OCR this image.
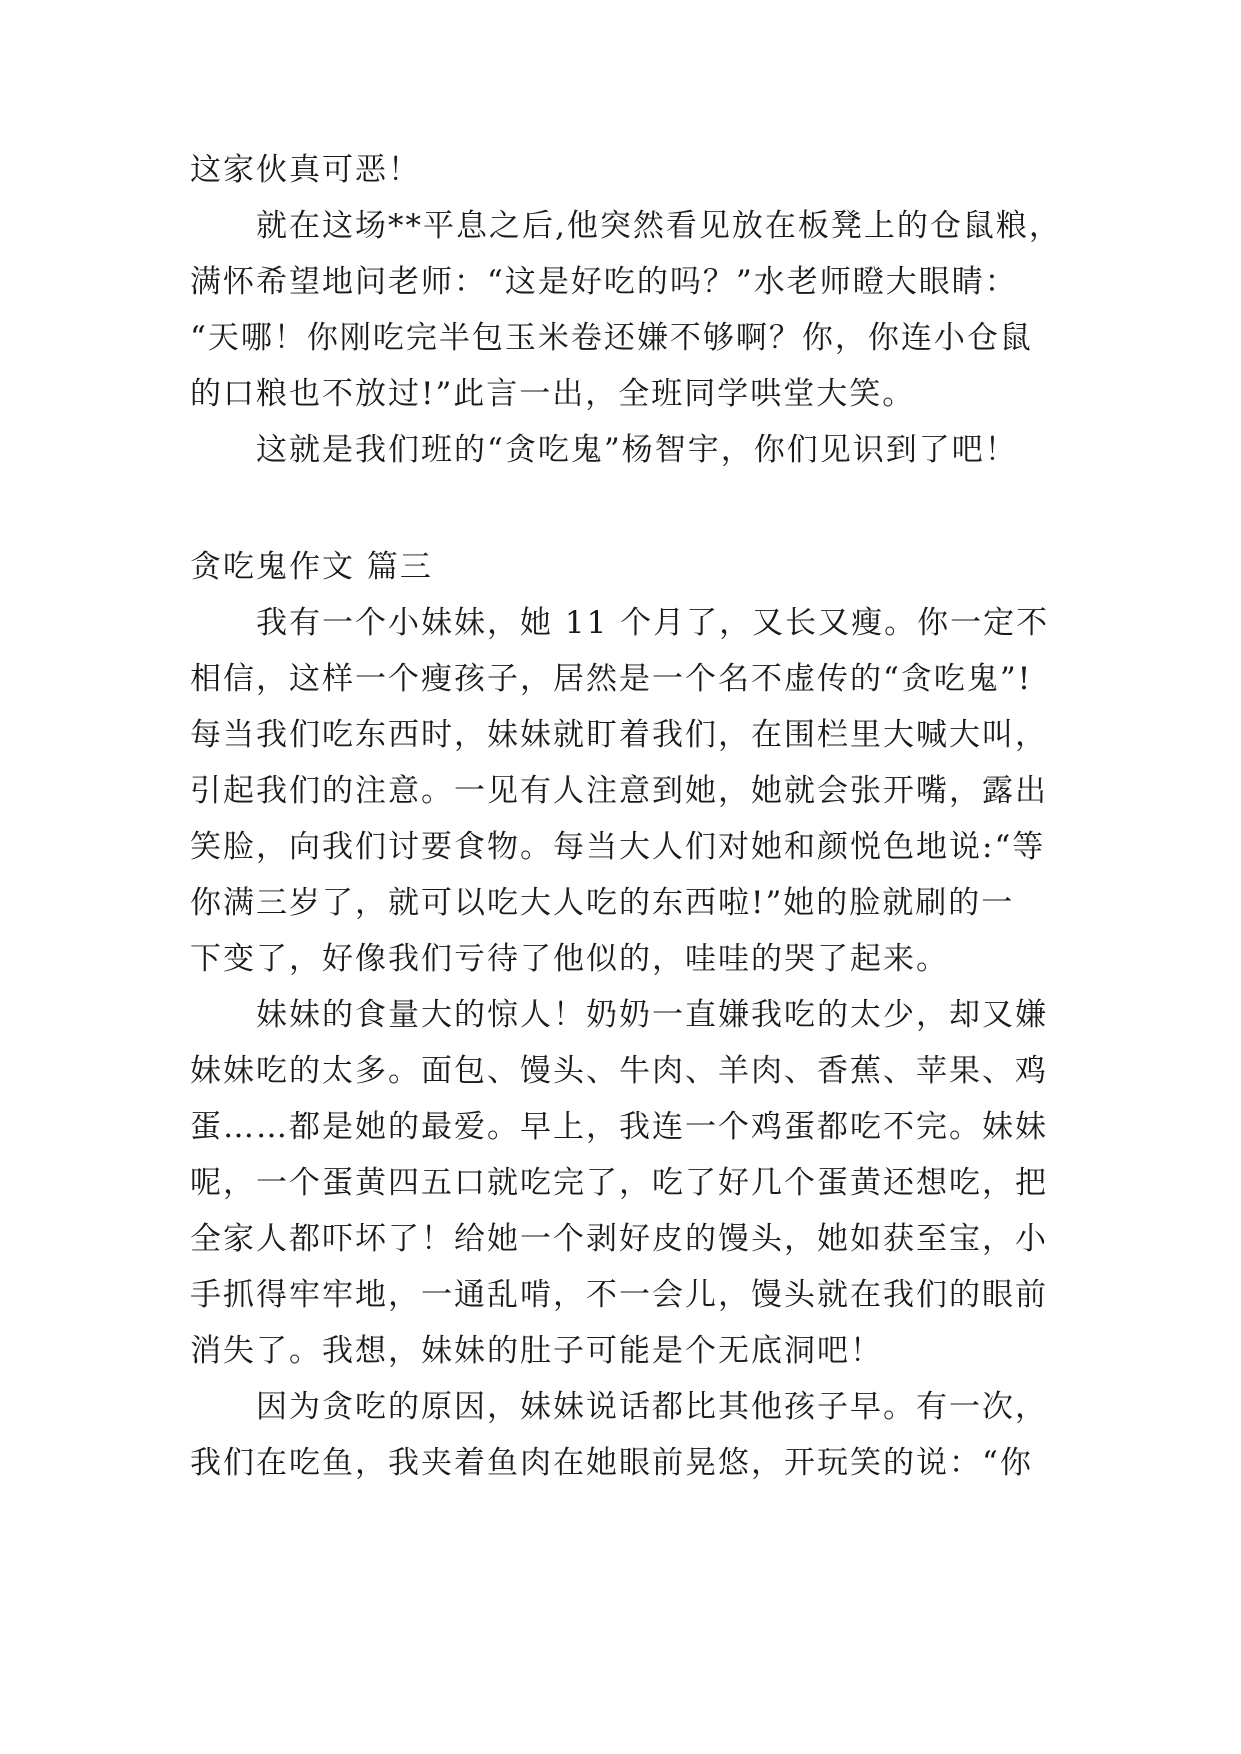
这家伙真可恶！
就在这场**平息之后,他突然看见放在板凳上的仓鼠粮，
满怀希望地问老师：“这是好吃的吗？”水老师瞪大眼睛：
“天哪！你刚吃完半包玉米卷还嫌不够啊？你，你连小仓鼠
的口粮也不放过!”此言一出，全班同学哄堂大笑。
这就是我们班的“贪吃鬼”杨智宇，你们见识到了吧！
贪吃鬼作文 篇三
我有一个小妹妹，她 11 个月了，又长又瘦。你一定不
相信，这样一个瘦孩子，居然是一个名不虚传的“贪吃鬼”!
每当我们吃东西时，妹妹就盯着我们，在围栏里大喊大叫，
引起我们的注意。一见有人注意到她，她就会张开嘴，露出
笑脸，向我们讨要食物。每当大人们对她和颜悦色地说:“等
你满三岁了，就可以吃大人吃的东西啦!”她的脸就刷的一
下变了，好像我们亏待了他似的，哇哇的哭了起来。
妹妹的食量大的惊人！奶奶一直嫌我吃的太少，却又嫌
妹妹吃的太多。面包、馒头、牛肉、羊肉、香蕉、苹果、鸡
蛋……都是她的最爱。早上，我连一个鸡蛋都吃不完。妹妹
呢，一个蛋黄四五口就吃完了，吃了好几个蛋黄还想吃，把
全家人都吓坏了！给她一个剥好皮的馒头，她如获至宝，小
手抓得牢牢地，一通乱啃，不一会儿，馒头就在我们的眼前
消失了。我想，妹妹的肚子可能是个无底洞吧！
因为贪吃的原因，妹妹说话都比其他孩子早。有一次，
我们在吃鱼，我夹着鱼肉在她眼前晃悠，开玩笑的说：“你
